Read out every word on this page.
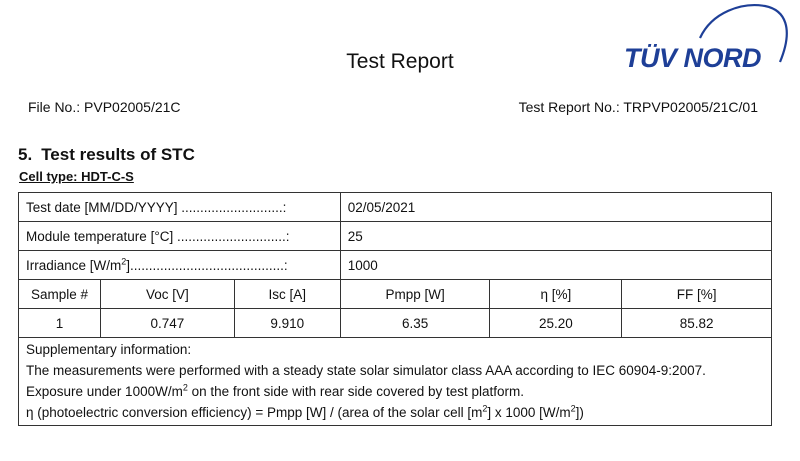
Test Report	TÜV NORD
File No.: PVP02005/21C	Test Report No.: TRPVP02005/21C/01
5. Test results of STC
Cell type: HDT-C-S
Test date [MM/DD/YYYY] ...........................:			02/05/2021		
Module temperature [°C] .............................:			25		
Irradiance $[W/m^2]$.........................................:			1000		
Sample #	Voc [V]	Isc [A]	Pmpp [W]	η [%]	FF [%]
1	0.747	9.910	6.35	25.20	85.82

Supplementary information:

The measurements were performed with a steady state solar simulator class AAA according to IEC 60904-9:2007.

Exposure under $1000W/m^2$ on the front side with rear side covered by test platform.

η (photoelectric conversion efficiency) = Pmpp [W] / (area of the solar cell $[m^2]$ x 1000 $[W/m^2]$)					
